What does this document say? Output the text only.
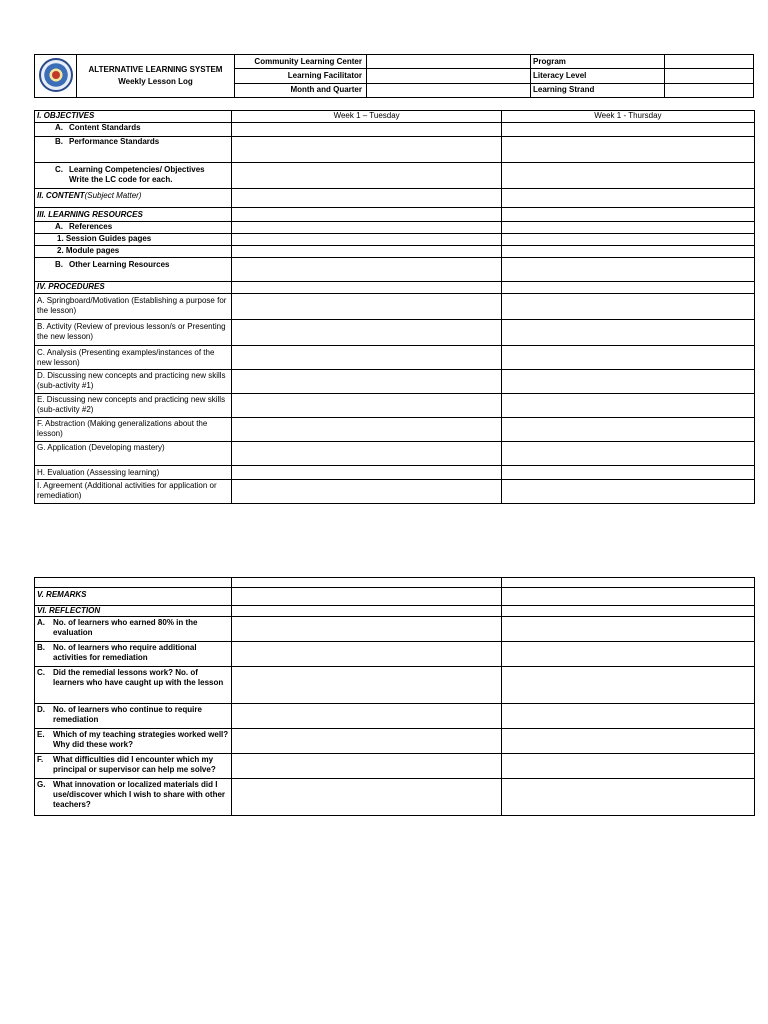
	ALTERNATIVE LEARNING SYSTEM
Weekly Lesson Log	Community Learning Center		Program	
		Learning Facilitator		Literacy Level	
		Month and Quarter		Learning Strand	
I. OBJECTIVES	Week 1 – Tuesday	Week 1 - Thursday
A. Content Standards		
B. Performance Standards		

C. Learning Competencies/ Objectives
Write the LC code for each.		

II. CONTENT(Subject Matter)		
III. LEARNING RESOURCES		
A. References		
1. Session Guides pages		
2. Module pages		
B. Other Learning Resources		
IV. PROCEDURES		
A. Springboard/Motivation (Establishing a purpose for the lesson)		
B. Activity (Review of previous lesson/s or Presenting the new lesson)		
C. Analysis (Presenting examples/instances of the new lesson)		
D. Discussing new concepts and practicing new skills (sub-activity #1)		
E. Discussing new concepts and practicing new skills (sub-activity #2)		
F. Abstraction (Making generalizations about the lesson)		
G. Application (Developing mastery)		
H. Evaluation (Assessing learning)		
I. Agreement (Additional activities for application or remediation)		

V. REMARKS		
VI. REFLECTION		

A. No. of learners who earned 80% in the evaluation		

B. No. of learners who require additional activities for remediation		

C. Did the remedial lessons work? No. of learners who have caught up with the lesson		

D. No. of learners who continue to require remediation		

E. Which of my teaching strategies worked well? Why did these work?		

F. What difficulties did I encounter which my principal or supervisor can help me solve?		

G. What innovation or localized materials did I use/discover which I wish to share with other teachers?		
